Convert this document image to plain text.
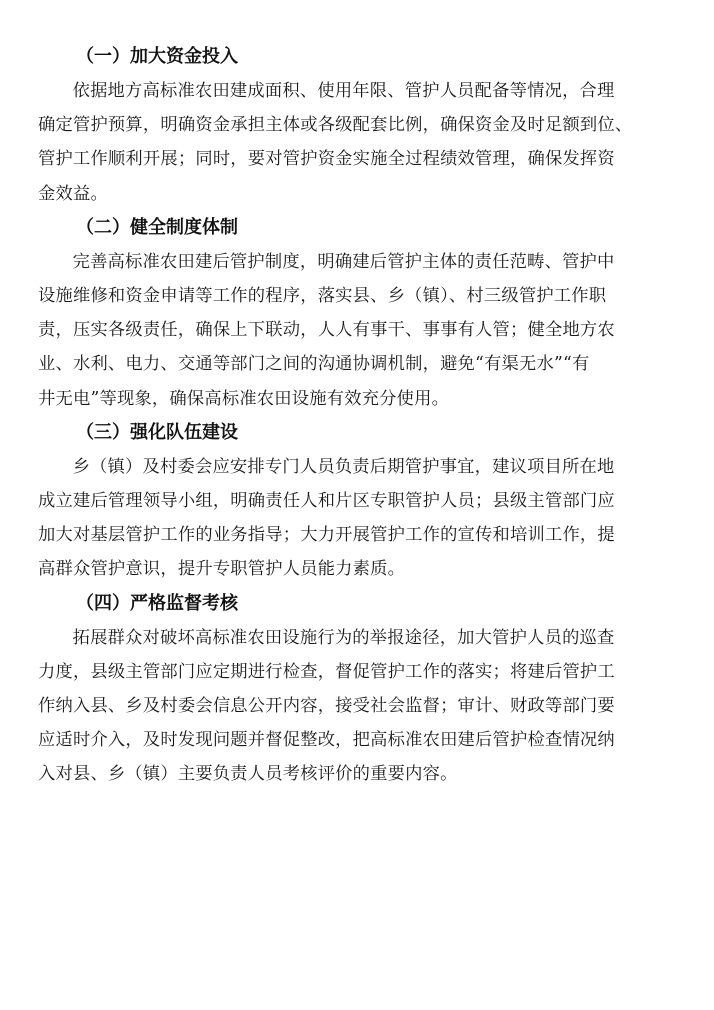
（一）加大资金投入

依据地方高标准农田建成面积、使用年限、管护人员配备等情况，合理
确定管护预算，明确资金承担主体或各级配套比例，确保资金及时足额到位、
管护工作顺利开展；同时，要对管护资金实施全过程绩效管理，确保发挥资
金效益。

（二）健全制度体制

完善高标准农田建后管护制度，明确建后管护主体的责任范畴、管护中
设施维修和资金申请等工作的程序，落实县、乡（镇）、村三级管护工作职
责，压实各级责任，确保上下联动，人人有事干、事事有人管；健全地方农
业、水利、电力、交通等部门之间的沟通协调机制，避免“有渠无水”“有
井无电”等现象，确保高标准农田设施有效充分使用。

（三）强化队伍建设

乡（镇）及村委会应安排专门人员负责后期管护事宜，建议项目所在地
成立建后管理领导小组，明确责任人和片区专职管护人员；县级主管部门应
加大对基层管护工作的业务指导；大力开展管护工作的宣传和培训工作，提
高群众管护意识，提升专职管护人员能力素质。

（四）严格监督考核

拓展群众对破坏高标准农田设施行为的举报途径，加大管护人员的巡查
力度，县级主管部门应定期进行检查，督促管护工作的落实；将建后管护工
作纳入县、乡及村委会信息公开内容，接受社会监督；审计、财政等部门要
应适时介入，及时发现问题并督促整改，把高标准农田建后管护检查情况纳
入对县、乡（镇）主要负责人员考核评价的重要内容。
